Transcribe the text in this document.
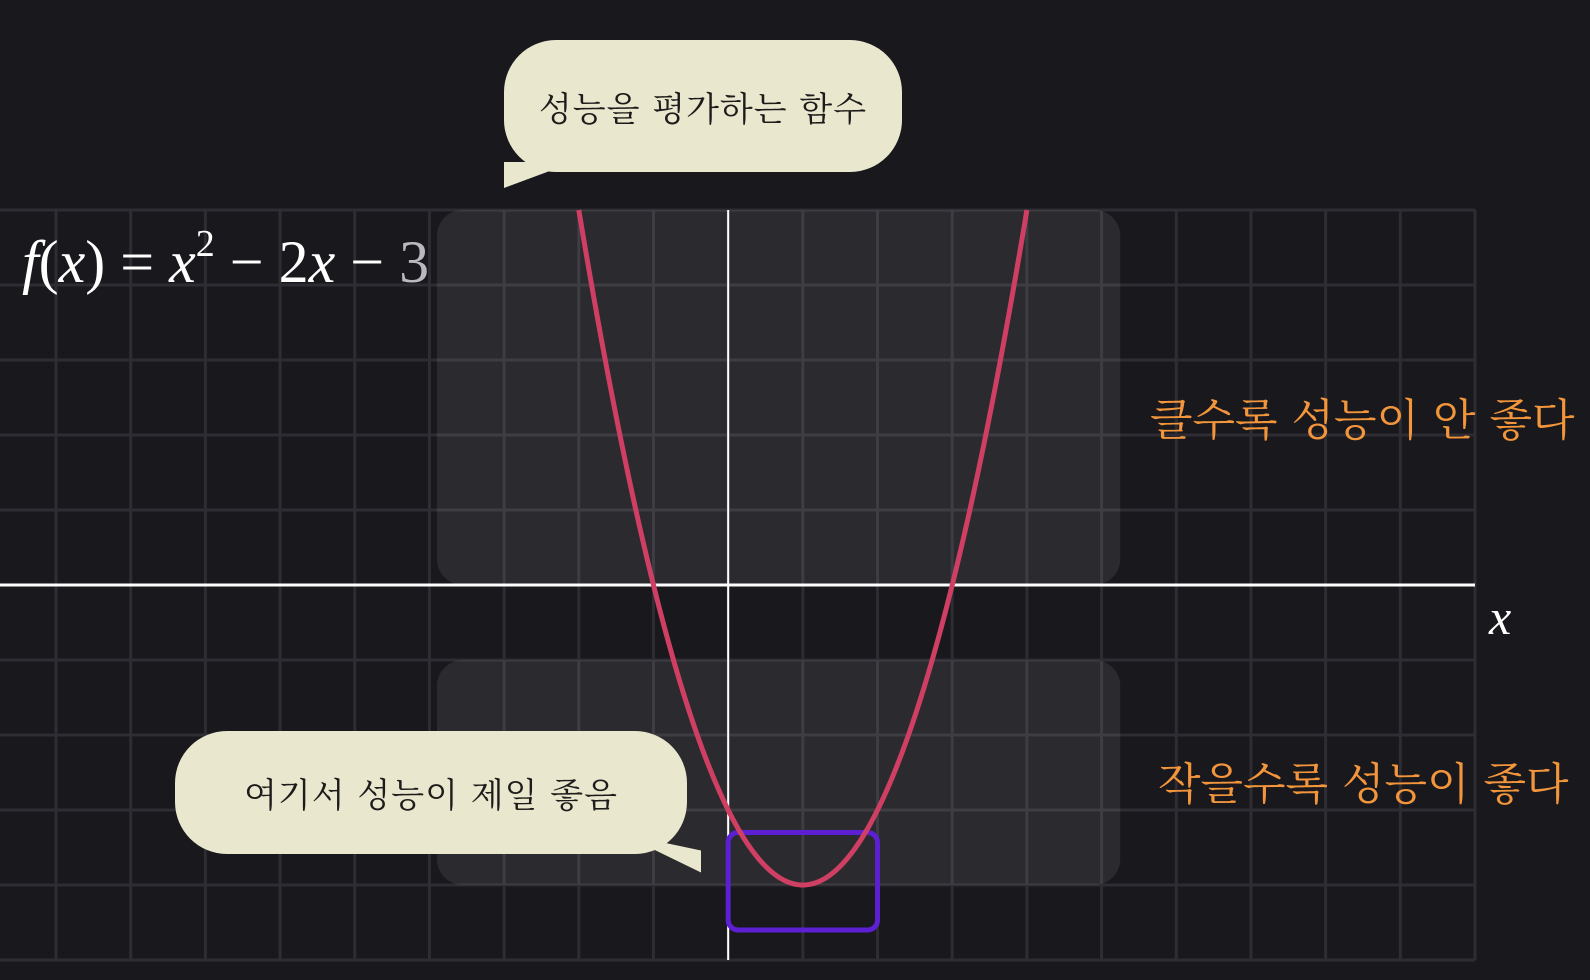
$f(x) = x^2 - 2x - 3$
성능을 평가하는 함수
여기서 성능이 제일 좋음
클수록 성능이 안 좋다
작을수록 성능이 좋다
x
